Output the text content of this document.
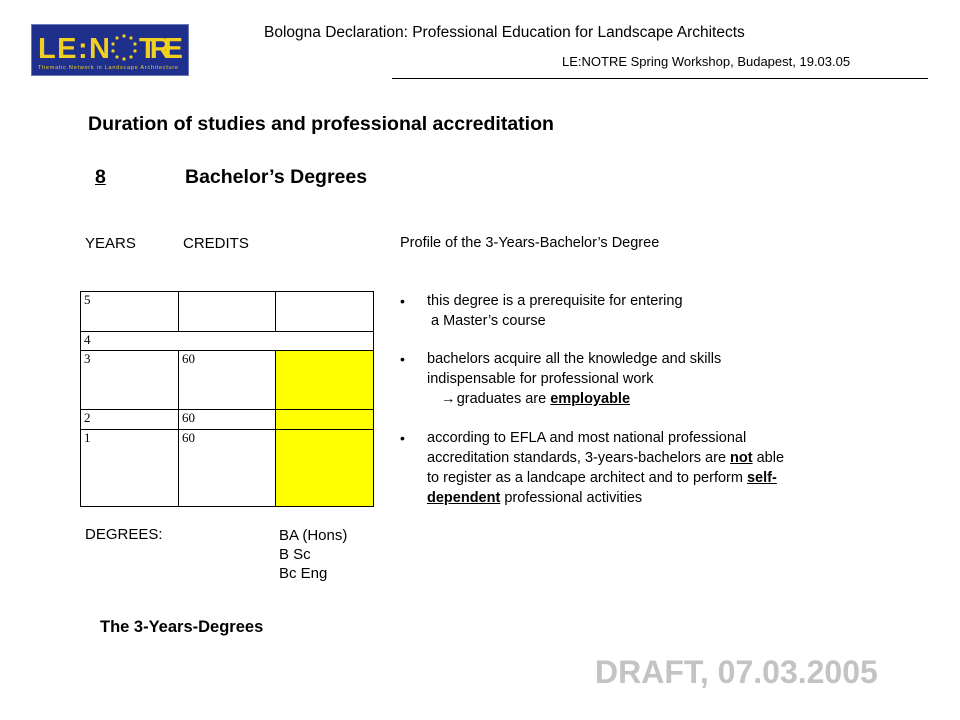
LE:N TRE
Thematic Network in Landscape Architecture
Bologna Declaration: Professional Education for Landscape Architects
LE:NOTRE Spring Workshop, Budapest, 19.03.05
Duration of studies and professional accreditation
8	Bachelor’s Degrees
YEARS	CREDITS
5
4
3	60
2	60
1	60
Profile of the 3-Years-Bachelor’s Degree
• this degree is a prerequisite for entering
a Master’s course
• bachelors acquire all the knowledge and skills
indispensable for professional work
→ graduates are employable
• according to EFLA and most national professional
accreditation standards, 3-years-bachelors are not able
to register as a landcape architect and to perform self-
dependent professional activities
DEGREES:	BA (Hons)
B Sc
Bc Eng
The 3-Years-Degrees
DRAFT, 07.03.2005
